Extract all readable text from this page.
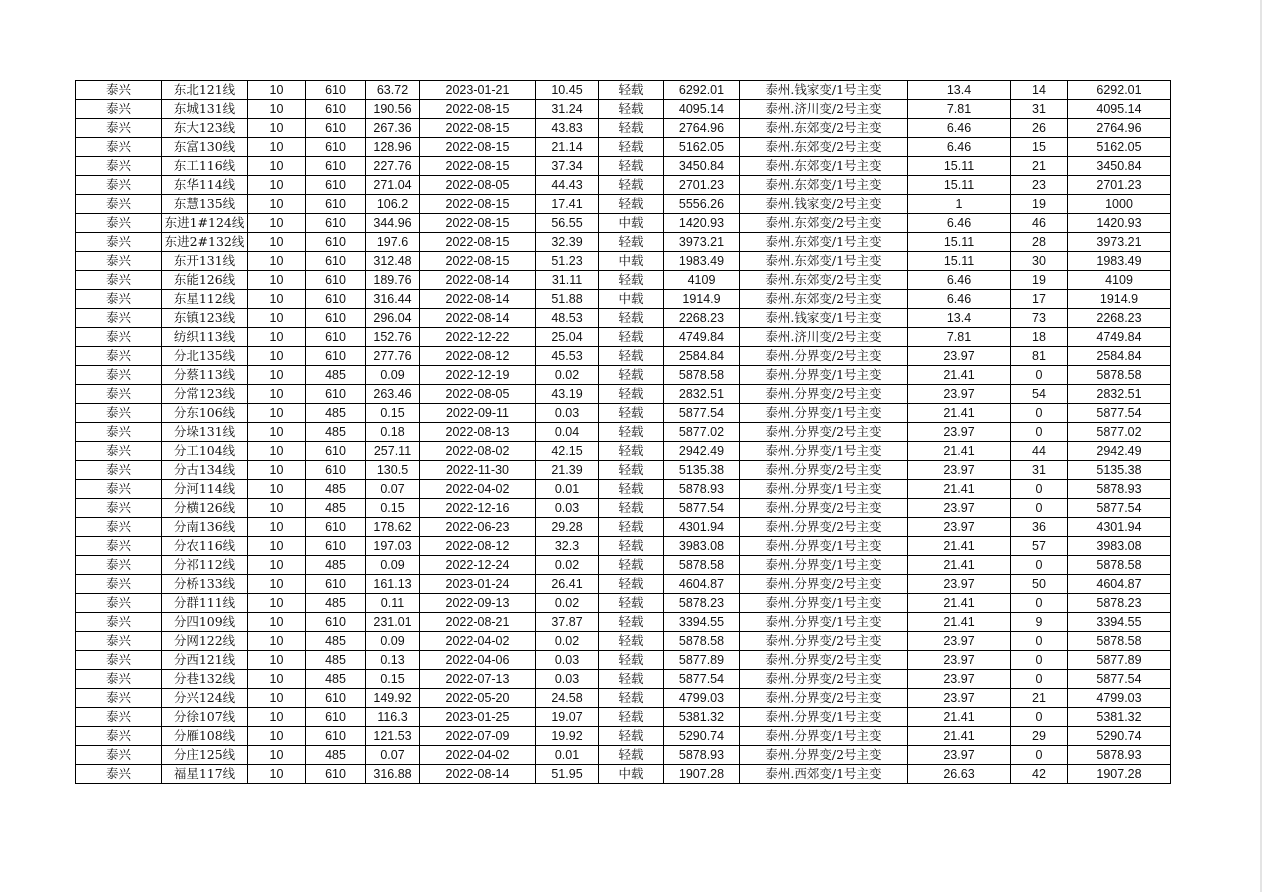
泰兴	东北121线	10	610	63.72	2023-01-21	10.45	轻载	6292.01	泰州.钱家变/1号主变	13.4	14	6292.01
泰兴	东城131线	10	610	190.56	2022-08-15	31.24	轻载	4095.14	泰州.济川变/2号主变	7.81	31	4095.14
泰兴	东大123线	10	610	267.36	2022-08-15	43.83	轻载	2764.96	泰州.东郊变/2号主变	6.46	26	2764.96
泰兴	东富130线	10	610	128.96	2022-08-15	21.14	轻载	5162.05	泰州.东郊变/2号主变	6.46	15	5162.05
泰兴	东工116线	10	610	227.76	2022-08-15	37.34	轻载	3450.84	泰州.东郊变/1号主变	15.11	21	3450.84
泰兴	东华114线	10	610	271.04	2022-08-05	44.43	轻载	2701.23	泰州.东郊变/1号主变	15.11	23	2701.23
泰兴	东慧135线	10	610	106.2	2022-08-15	17.41	轻载	5556.26	泰州.钱家变/2号主变	1	19	1000
泰兴	东进1#124线	10	610	344.96	2022-08-15	56.55	中载	1420.93	泰州.东郊变/2号主变	6.46	46	1420.93
泰兴	东进2#132线	10	610	197.6	2022-08-15	32.39	轻载	3973.21	泰州.东郊变/1号主变	15.11	28	3973.21
泰兴	东开131线	10	610	312.48	2022-08-15	51.23	中载	1983.49	泰州.东郊变/1号主变	15.11	30	1983.49
泰兴	东能126线	10	610	189.76	2022-08-14	31.11	轻载	4109	泰州.东郊变/2号主变	6.46	19	4109
泰兴	东星112线	10	610	316.44	2022-08-14	51.88	中载	1914.9	泰州.东郊变/2号主变	6.46	17	1914.9
泰兴	东镇123线	10	610	296.04	2022-08-14	48.53	轻载	2268.23	泰州.钱家变/1号主变	13.4	73	2268.23
泰兴	纺织113线	10	610	152.76	2022-12-22	25.04	轻载	4749.84	泰州.济川变/2号主变	7.81	18	4749.84
泰兴	分北135线	10	610	277.76	2022-08-12	45.53	轻载	2584.84	泰州.分界变/2号主变	23.97	81	2584.84
泰兴	分蔡113线	10	485	0.09	2022-12-19	0.02	轻载	5878.58	泰州.分界变/1号主变	21.41	0	5878.58
泰兴	分常123线	10	610	263.46	2022-08-05	43.19	轻载	2832.51	泰州.分界变/2号主变	23.97	54	2832.51
泰兴	分东106线	10	485	0.15	2022-09-11	0.03	轻载	5877.54	泰州.分界变/1号主变	21.41	0	5877.54
泰兴	分垛131线	10	485	0.18	2022-08-13	0.04	轻载	5877.02	泰州.分界变/2号主变	23.97	0	5877.02
泰兴	分工104线	10	610	257.11	2022-08-02	42.15	轻载	2942.49	泰州.分界变/1号主变	21.41	44	2942.49
泰兴	分古134线	10	610	130.5	2022-11-30	21.39	轻载	5135.38	泰州.分界变/2号主变	23.97	31	5135.38
泰兴	分河114线	10	485	0.07	2022-04-02	0.01	轻载	5878.93	泰州.分界变/1号主变	21.41	0	5878.93
泰兴	分横126线	10	485	0.15	2022-12-16	0.03	轻载	5877.54	泰州.分界变/2号主变	23.97	0	5877.54
泰兴	分南136线	10	610	178.62	2022-06-23	29.28	轻载	4301.94	泰州.分界变/2号主变	23.97	36	4301.94
泰兴	分农116线	10	610	197.03	2022-08-12	32.3	轻载	3983.08	泰州.分界变/1号主变	21.41	57	3983.08
泰兴	分祁112线	10	485	0.09	2022-12-24	0.02	轻载	5878.58	泰州.分界变/1号主变	21.41	0	5878.58
泰兴	分桥133线	10	610	161.13	2023-01-24	26.41	轻载	4604.87	泰州.分界变/2号主变	23.97	50	4604.87
泰兴	分群111线	10	485	0.11	2022-09-13	0.02	轻载	5878.23	泰州.分界变/1号主变	21.41	0	5878.23
泰兴	分四109线	10	610	231.01	2022-08-21	37.87	轻载	3394.55	泰州.分界变/1号主变	21.41	9	3394.55
泰兴	分网122线	10	485	0.09	2022-04-02	0.02	轻载	5878.58	泰州.分界变/2号主变	23.97	0	5878.58
泰兴	分西121线	10	485	0.13	2022-04-06	0.03	轻载	5877.89	泰州.分界变/2号主变	23.97	0	5877.89
泰兴	分巷132线	10	485	0.15	2022-07-13	0.03	轻载	5877.54	泰州.分界变/2号主变	23.97	0	5877.54
泰兴	分兴124线	10	610	149.92	2022-05-20	24.58	轻载	4799.03	泰州.分界变/2号主变	23.97	21	4799.03
泰兴	分徐107线	10	610	116.3	2023-01-25	19.07	轻载	5381.32	泰州.分界变/1号主变	21.41	0	5381.32
泰兴	分雁108线	10	610	121.53	2022-07-09	19.92	轻载	5290.74	泰州.分界变/1号主变	21.41	29	5290.74
泰兴	分庄125线	10	485	0.07	2022-04-02	0.01	轻载	5878.93	泰州.分界变/2号主变	23.97	0	5878.93
泰兴	福星117线	10	610	316.88	2022-08-14	51.95	中载	1907.28	泰州.西郊变/1号主变	26.63	42	1907.28
